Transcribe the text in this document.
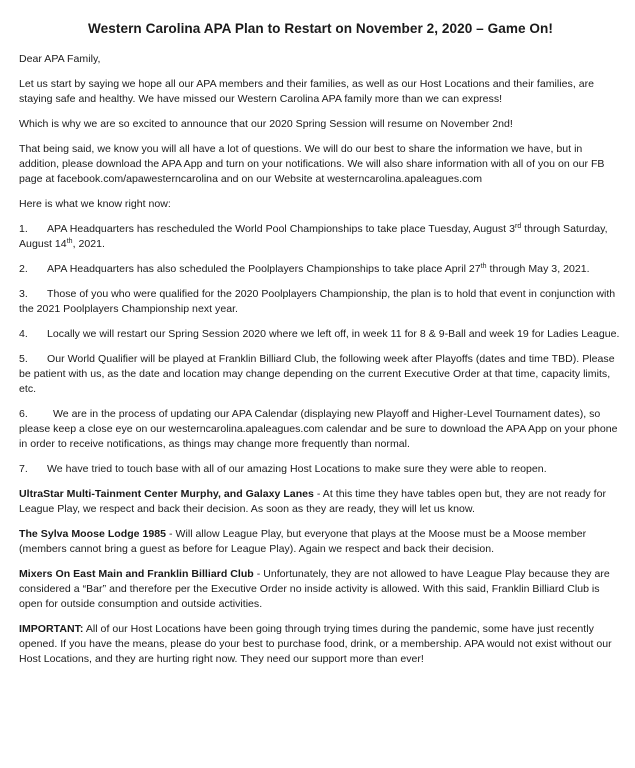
Western Carolina APA Plan to Restart on November 2, 2020 – Game On!

Dear APA Family,

Let us start by saying we hope all our APA members and their families, as well as our Host Locations and their families, are staying safe and healthy. We have missed our Western Carolina APA family more than we can express!

Which is why we are so excited to announce that our 2020 Spring Session will resume on November 2nd!

That being said, we know you will all have a lot of questions. We will do our best to share the information we have, but in addition, please download the APA App and turn on your notifications. We will also share information with all of you on our FB page at facebook.com/apawesterncarolina and on our Website at westerncarolina.apaleagues.com

Here is what we know right now:

1. APA Headquarters has rescheduled the World Pool Championships to take place Tuesday, August 3rd through Saturday, August 14th, 2021.

2. APA Headquarters has also scheduled the Poolplayers Championships to take place April 27th through May 3, 2021.

3. Those of you who were qualified for the 2020 Poolplayers Championship, the plan is to hold that event in conjunction with the 2021 Poolplayers Championship next year.

4. Locally we will restart our Spring Session 2020 where we left off, in week 11 for 8 & 9-Ball and week 19 for Ladies League.

5. Our World Qualifier will be played at Franklin Billiard Club, the following week after Playoffs (dates and time TBD). Please be patient with us, as the date and location may change depending on the current Executive Order at that time, capacity limits, etc.

6. We are in the process of updating our APA Calendar (displaying new Playoff and Higher-Level Tournament dates), so please keep a close eye on our westerncarolina.apaleagues.com calendar and be sure to download the APA App on your phone in order to receive notifications, as things may change more frequently than normal.

7. We have tried to touch base with all of our amazing Host Locations to make sure they were able to reopen.

UltraStar Multi-Tainment Center Murphy, and Galaxy Lanes - At this time they have tables open but, they are not ready for League Play, we respect and back their decision. As soon as they are ready, they will let us know.

The Sylva Moose Lodge 1985 - Will allow League Play, but everyone that plays at the Moose must be a Moose member (members cannot bring a guest as before for League Play). Again we respect and back their decision.

Mixers On East Main and Franklin Billiard Club - Unfortunately, they are not allowed to have League Play because they are considered a “Bar” and therefore per the Executive Order no inside activity is allowed. With this said, Franklin Billiard Club is open for outside consumption and outside activities.

IMPORTANT: All of our Host Locations have been going through trying times during the pandemic, some have just recently opened. If you have the means, please do your best to purchase food, drink, or a membership. APA would not exist without our Host Locations, and they are hurting right now. They need our support more than ever!
